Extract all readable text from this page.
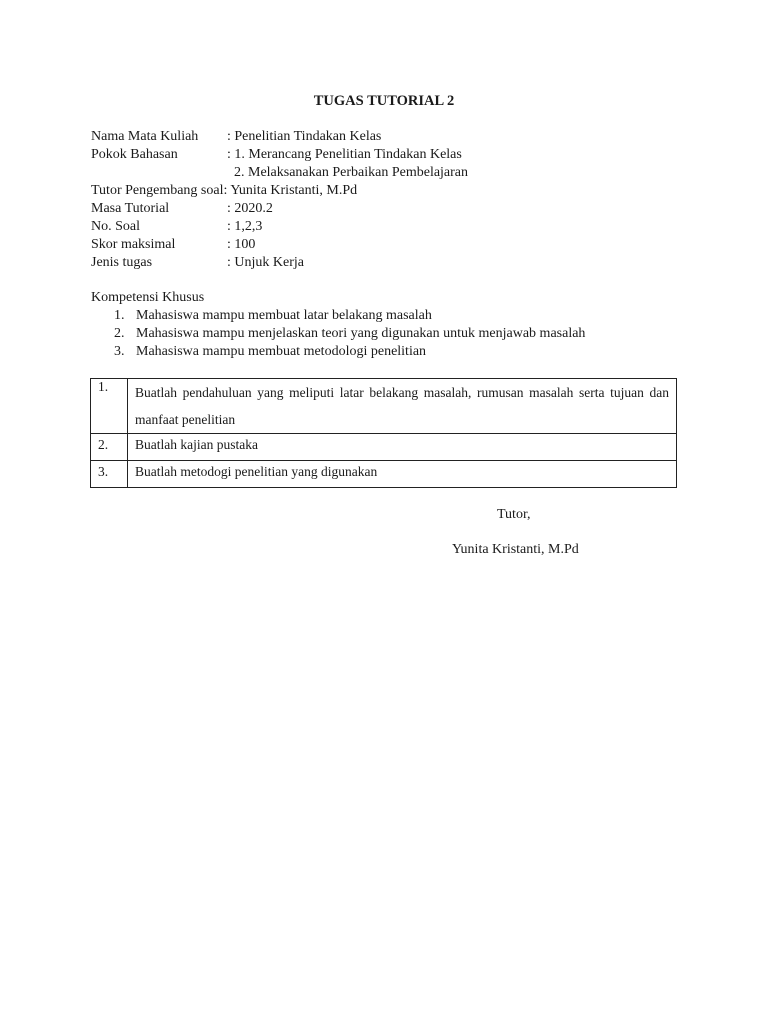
TUGAS TUTORIAL 2
Nama Mata Kuliah : Penelitian Tindakan Kelas
Pokok Bahasan	: 1. Merancang Penelitian Tindakan Kelas
2. Melaksanakan Perbaikan Pembelajaran
Tutor Pengembang soal: Yunita Kristanti, M.Pd
Masa Tutorial	: 2020.2
No. Soal	: 1,2,3
Skor maksimal	: 100
Jenis tugas	: Unjuk Kerja
Kompetensi Khusus
1. Mahasiswa mampu membuat latar belakang masalah
2. Mahasiswa mampu menjelaskan teori yang digunakan untuk menjawab masalah
3. Mahasiswa mampu membuat metodologi penelitian
1.	Buatlah pendahuluan yang meliputi latar belakang masalah, rumusan masalah serta tujuan dan manfaat penelitian
2.	Buatlah kajian pustaka
3.	Buatlah metodogi penelitian yang digunakan
Tutor,
Yunita Kristanti, M.Pd
